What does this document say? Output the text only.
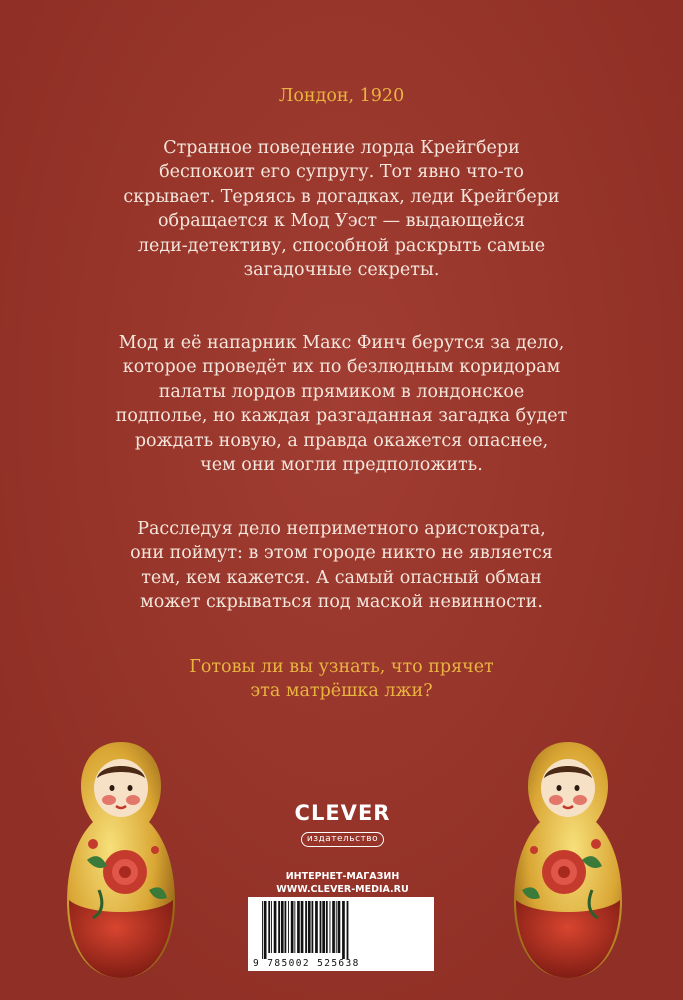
Лондон, 1920
Странное поведение лорда Крейгбери
беспокоит его супругу. Тот явно что-то
скрывает. Теряясь в догадках, леди Крейгбери
обращается к Мод Уэст — выдающейся
леди-детективу, способной раскрыть самые
загадочные секреты.
Мод и её напарник Макс Финч берутся за дело,
которое проведёт их по безлюдным коридорам
палаты лордов прямиком в лондонское
подполье, но каждая разгаданная загадка будет
рождать новую, а правда окажется опаснее,
чем они могли предположить.
Расследуя дело неприметного аристократа,
они поймут: в этом городе никто не является
тем, кем кажется. А самый опасный обман
может скрываться под маской невинности.
Готовы ли вы узнать, что прячет
эта матрёшка лжи?
CLEVER
издательство
ИНТЕРНЕТ-МАГАЗИН
WWW.CLEVER-MEDIA.RU
9 785002 525638
ЕАС
